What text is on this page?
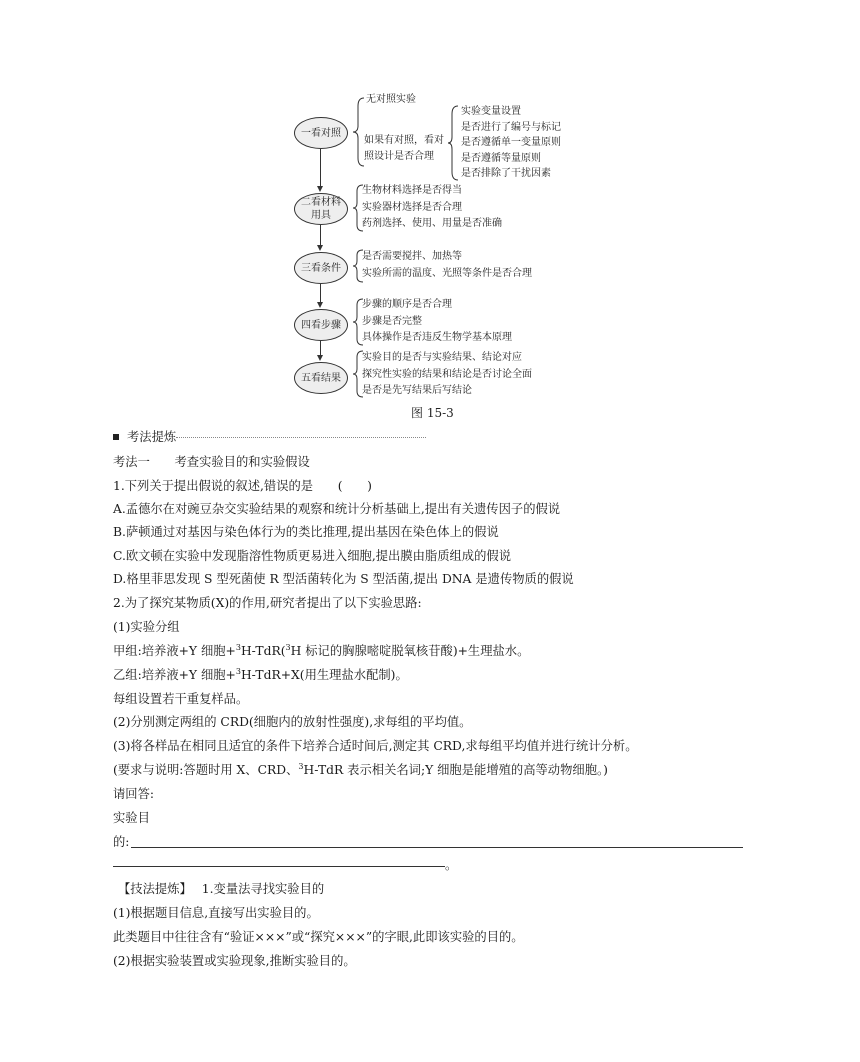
一看对照
二看材料用具
三看条件
四看步骤
五看结果
无对照实验
如果有对照，看对照设计是否合理
实验变量设置
是否进行了编号与标记
是否遵循单一变量原则
是否遵循等量原则
是否排除了干扰因素
生物材料选择是否得当
实验器材选择是否合理
药剂选择、使用、用量是否准确
是否需要搅拌、加热等
实验所需的温度、光照等条件是否合理
步骤的顺序是否合理
步骤是否完整
具体操作是否违反生物学基本原理
实验目的是否与实验结果、结论对应
探究性实验的结果和结论是否讨论全面
是否是先写结果后写结论
图 15-3
考法提炼
考法一　　考查实验目的和实验假设
1.下列关于提出假说的叙述,错误的是　　(　　)
A.孟德尔在对豌豆杂交实验结果的观察和统计分析基础上,提出有关遗传因子的假说
B.萨顿通过对基因与染色体行为的类比推理,提出基因在染色体上的假说
C.欧文顿在实验中发现脂溶性物质更易进入细胞,提出膜由脂质组成的假说
D.格里菲思发现 S 型死菌使 R 型活菌转化为 S 型活菌,提出 DNA 是遗传物质的假说
2.为了探究某物质(X)的作用,研究者提出了以下实验思路:
(1)实验分组
甲组:培养液+Y 细胞+$^3$H-TdR($^3$H 标记的胸腺嘧啶脱氧核苷酸)+生理盐水。
乙组:培养液+Y 细胞+$^3$H-TdR+X(用生理盐水配制)。
每组设置若干重复样品。
(2)分别测定两组的 CRD(细胞内的放射性强度),求每组的平均值。
(3)将各样品在相同且适宜的条件下培养合适时间后,测定其 CRD,求每组平均值并进行统计分析。
(要求与说明:答题时用 X、CRD、$^3$H-TdR 表示相关名词;Y 细胞是能增殖的高等动物细胞。)
请回答:
实验目
的:
。
【技法提炼】 1.变量法寻找实验目的
(1)根据题目信息,直接写出实验目的。
此类题目中往往含有“验证×××”或“探究×××”的字眼,此即该实验的目的。
(2)根据实验装置或实验现象,推断实验目的。
